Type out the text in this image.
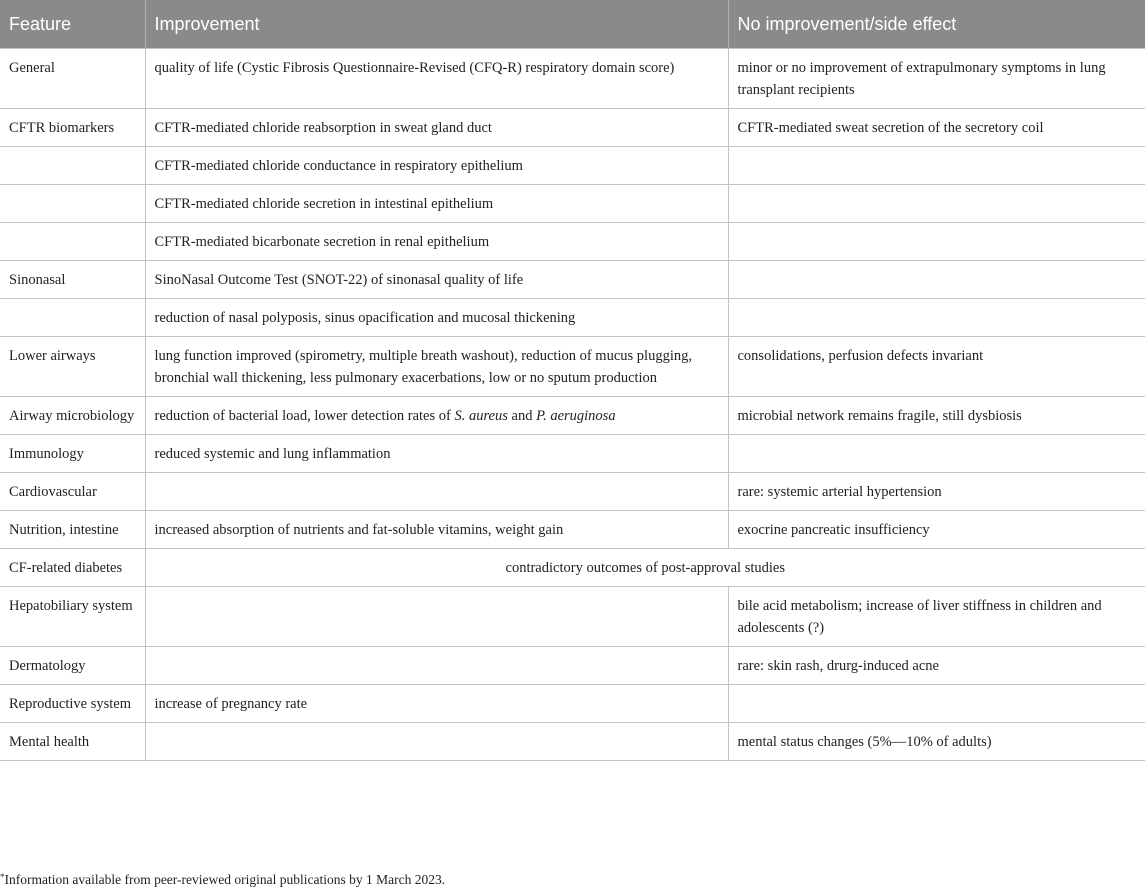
Feature	Improvement	No improvement/side effect
General	quality of life (Cystic Fibrosis Questionnaire-Revised (CFQ-R) respiratory domain score)	minor or no improvement of extrapulmonary symptoms in lung transplant recipients
CFTR biomarkers	CFTR-mediated chloride reabsorption in sweat gland duct	CFTR-mediated sweat secretion of the secretory coil
	CFTR-mediated chloride conductance in respiratory epithelium	
	CFTR-mediated chloride secretion in intestinal epithelium	
	CFTR-mediated bicarbonate secretion in renal epithelium	
Sinonasal	SinoNasal Outcome Test (SNOT-22) of sinonasal quality of life	
	reduction of nasal polyposis, sinus opacification and mucosal thickening	
Lower airways	lung function improved (spirometry, multiple breath washout), reduction of mucus plugging, bronchial wall thickening, less pulmonary exacerbations, low or no sputum production	consolidations, perfusion defects invariant
Airway microbiology	reduction of bacterial load, lower detection rates of S. aureus and P. aeruginosa	microbial network remains fragile, still dysbiosis
Immunology	reduced systemic and lung inflammation	
Cardiovascular		rare: systemic arterial hypertension
Nutrition, intestine	increased absorption of nutrients and fat-soluble vitamins, weight gain	exocrine pancreatic insufficiency
CF-related diabetes	contradictory outcomes of post-approval studies	
Hepatobiliary system		bile acid metabolism; increase of liver stiffness in children and adolescents (?)
Dermatology		rare: skin rash, drurg-induced acne
Reproductive system	increase of pregnancy rate	
Mental health		mental status changes (5%—10% of adults)
*Information available from peer-reviewed original publications by 1 March 2023.
